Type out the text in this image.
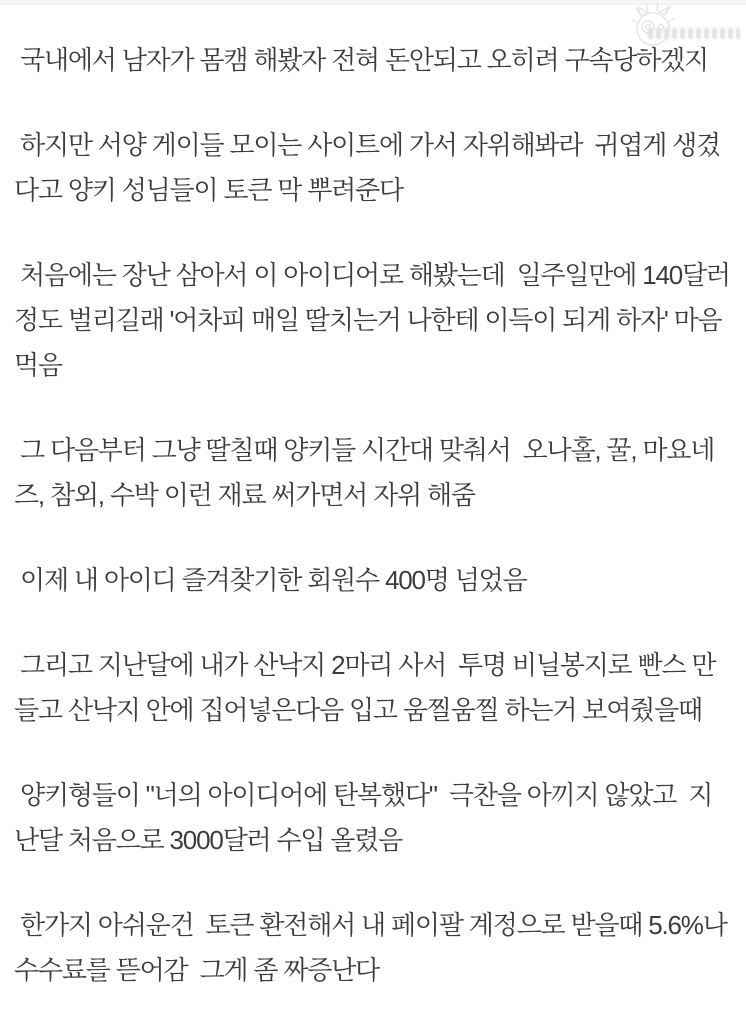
국내에서 남자가 몸캠 해봤자 전혀 돈안되고 오히려 구속당하겠지

하지만 서양 게이들 모이는 사이트에 가서 자위해봐라  귀엽게 생겼다고 양키 성님들이 토큰 막 뿌려준다

처음에는 장난 삼아서 이 아이디어로 해봤는데  일주일만에 140달러 정도 벌리길래 '어차피 매일 딸치는거 나한테 이득이 되게 하자' 마음먹음

그 다음부터 그냥 딸칠때 양키들 시간대 맞춰서  오나홀, 꿀, 마요네즈, 참외, 수박 이런 재료 써가면서 자위 해줌

이제 내 아이디 즐겨찾기한 회원수 400명 넘었음

그리고 지난달에 내가 산낙지 2마리 사서  투명 비닐봉지로 빤스 만들고 산낙지 안에 집어넣은다음 입고 움찔움찔 하는거 보여줬을때

양키형들이 "너의 아이디어에 탄복했다"  극찬을 아끼지 않았고  지난달 처음으로 3000달러 수입 올렸음

한가지 아쉬운건  토큰 환전해서 내 페이팔 계정으로 받을때 5.6%나 수수료를 뜯어감  그게 좀 짜증난다
